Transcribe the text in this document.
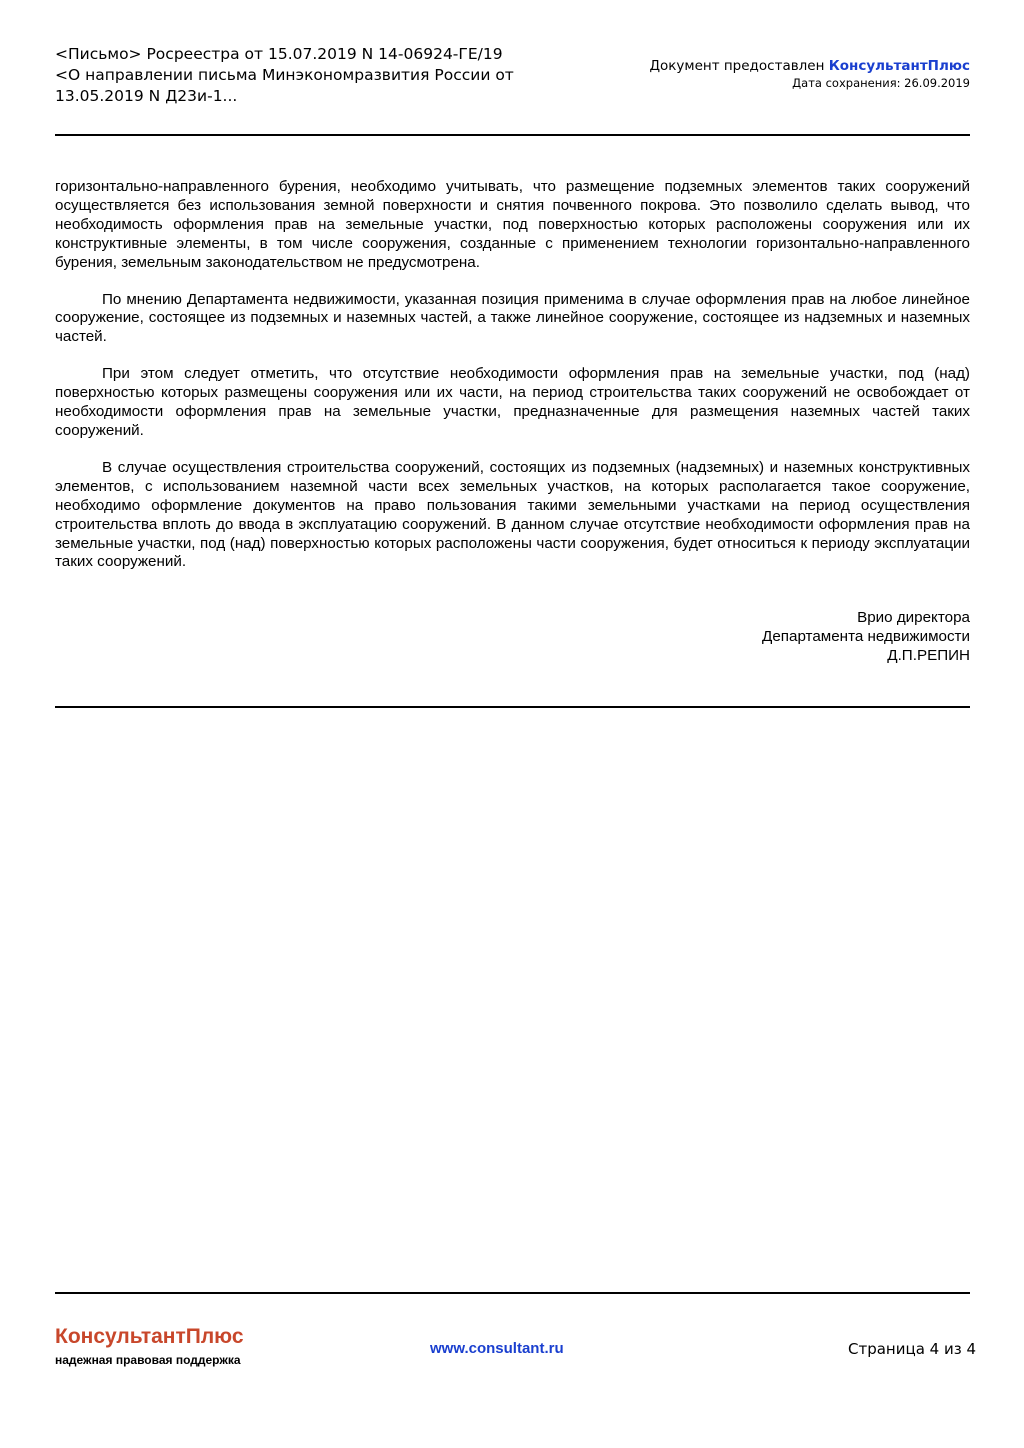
<Письмо> Росреестра от 15.07.2019 N 14-06924-ГЕ/19
<О направлении письма Минэкономразвития России от
13.05.2019 N Д23и-1...
Документ предоставлен КонсультантПлюс
Дата сохранения: 26.09.2019

горизонтально-направленного бурения, необходимо учитывать, что размещение подземных элементов таких сооружений осуществляется без использования земной поверхности и снятия почвенного покрова. Это позволило сделать вывод, что необходимость оформления прав на земельные участки, под поверхностью которых расположены сооружения или их конструктивные элементы, в том числе сооружения, созданные с применением технологии горизонтально-направленного бурения, земельным законодательством не предусмотрена.

По мнению Департамента недвижимости, указанная позиция применима в случае оформления прав на любое линейное сооружение, состоящее из подземных и наземных частей, а также линейное сооружение, состоящее из надземных и наземных частей.

При этом следует отметить, что отсутствие необходимости оформления прав на земельные участки, под (над) поверхностью которых размещены сооружения или их части, на период строительства таких сооружений не освобождает от необходимости оформления прав на земельные участки, предназначенные для размещения наземных частей таких сооружений.

В случае осуществления строительства сооружений, состоящих из подземных (надземных) и наземных конструктивных элементов, с использованием наземной части всех земельных участков, на которых располагается такое сооружение, необходимо оформление документов на право пользования такими земельными участками на период осуществления строительства вплоть до ввода в эксплуатацию сооружений. В данном случае отсутствие необходимости оформления прав на земельные участки, под (над) поверхностью которых расположены части сооружения, будет относиться к периоду эксплуатации таких сооружений.

Врио директора
Департамента недвижимости
Д.П.РЕПИН
КонсультантПлюс
надежная правовая поддержка
www.consultant.ru	Страница 4 из 4
